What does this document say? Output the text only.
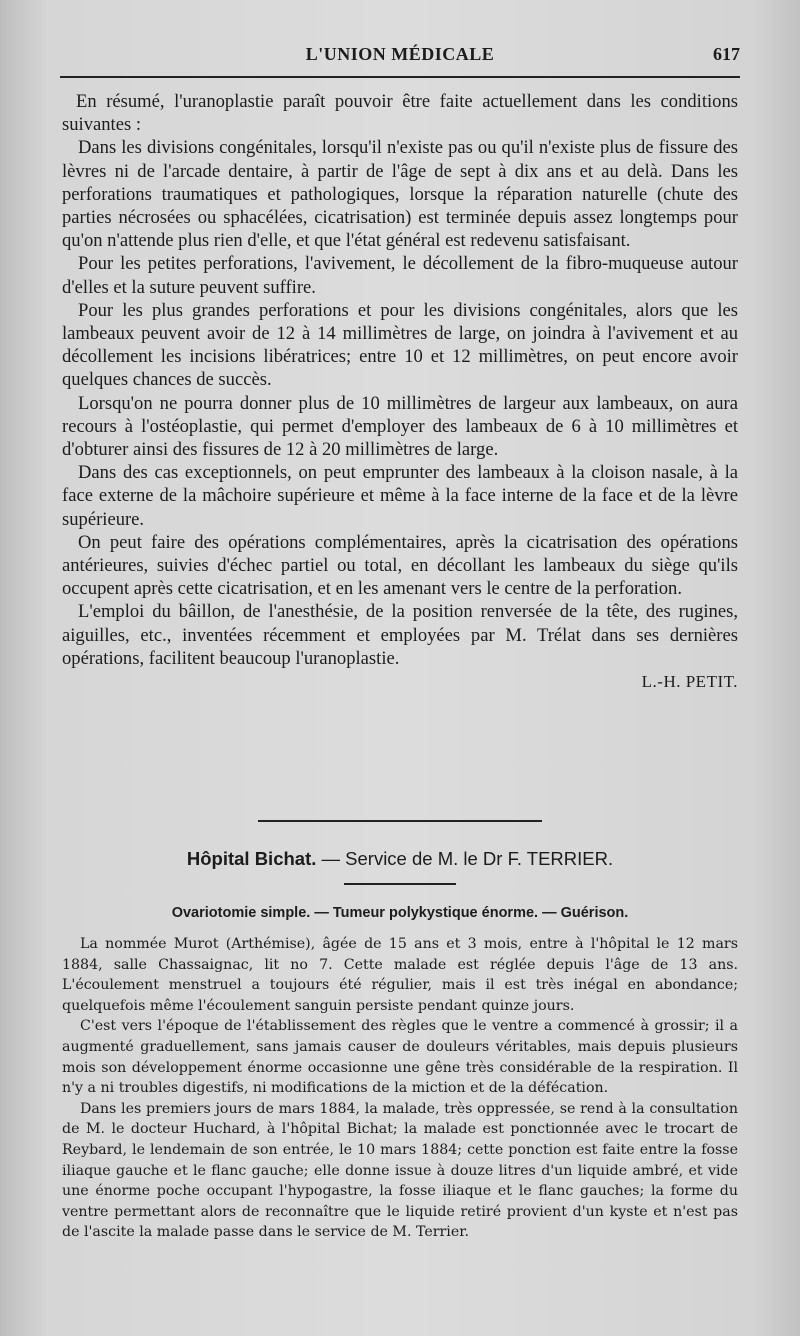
L'UNION MÉDICALE	617

En résumé, l'uranoplastie paraît pouvoir être faite actuellement dans les conditions suivantes :

Dans les divisions congénitales, lorsqu'il n'existe pas ou qu'il n'existe plus de fissure des lèvres ni de l'arcade dentaire, à partir de l'âge de sept à dix ans et au delà. Dans les perforations traumatiques et pathologiques, lorsque la réparation naturelle (chute des parties nécrosées ou sphacélées, cicatrisation) est terminée depuis assez longtemps pour qu'on n'attende plus rien d'elle, et que l'état général est redevenu satisfaisant.

Pour les petites perforations, l'avivement, le décollement de la fibro-muqueuse autour d'elles et la suture peuvent suffire.

Pour les plus grandes perforations et pour les divisions congénitales, alors que les lambeaux peuvent avoir de 12 à 14 millimètres de large, on joindra à l'avivement et au décollement les incisions libératrices; entre 10 et 12 millimètres, on peut encore avoir quelques chances de succès.

Lorsqu'on ne pourra donner plus de 10 millimètres de largeur aux lambeaux, on aura recours à l'ostéoplastie, qui permet d'employer des lambeaux de 6 à 10 millimètres et d'obturer ainsi des fissures de 12 à 20 millimètres de large.

Dans des cas exceptionnels, on peut emprunter des lambeaux à la cloison nasale, à la face externe de la mâchoire supérieure et même à la face interne de la face et de la lèvre supérieure.

On peut faire des opérations complémentaires, après la cicatrisation des opérations antérieures, suivies d'échec partiel ou total, en décollant les lambeaux du siège qu'ils occupent après cette cicatrisation, et en les amenant vers le centre de la perforation.

L'emploi du bâillon, de l'anesthésie, de la position renversée de la tête, des rugines, aiguilles, etc., inventées récemment et employées par M. Trélat dans ses dernières opérations, facilitent beaucoup l'uranoplastie.

L.-H. PETIT.
Hôpital Bichat. — Service de M. le Dr F. TERRIER.
Ovariotomie simple. — Tumeur polykystique énorme. — Guérison.

La nommée Murot (Arthémise), âgée de 15 ans et 3 mois, entre à l'hôpital le 12 mars 1884, salle Chassaignac, lit no 7. Cette malade est réglée depuis l'âge de 13 ans. L'écoulement menstruel a toujours été régulier, mais il est très inégal en abondance; quelquefois même l'écoulement sanguin persiste pendant quinze jours.

C'est vers l'époque de l'établissement des règles que le ventre a commencé à grossir; il a augmenté graduellement, sans jamais causer de douleurs véritables, mais depuis plusieurs mois son développement énorme occasionne une gêne très considérable de la respiration. Il n'y a ni troubles digestifs, ni modifications de la miction et de la défécation.

Dans les premiers jours de mars 1884, la malade, très oppressée, se rend à la consultation de M. le docteur Huchard, à l'hôpital Bichat; la malade est ponctionnée avec le trocart de Reybard, le lendemain de son entrée, le 10 mars 1884; cette ponction est faite entre la fosse iliaque gauche et le flanc gauche; elle donne issue à douze litres d'un liquide ambré, et vide une énorme poche occupant l'hypogastre, la fosse iliaque et le flanc gauches; la forme du ventre permettant alors de reconnaître que le liquide retiré provient d'un kyste et n'est pas de l'ascite la malade passe dans le service de M. Terrier.
